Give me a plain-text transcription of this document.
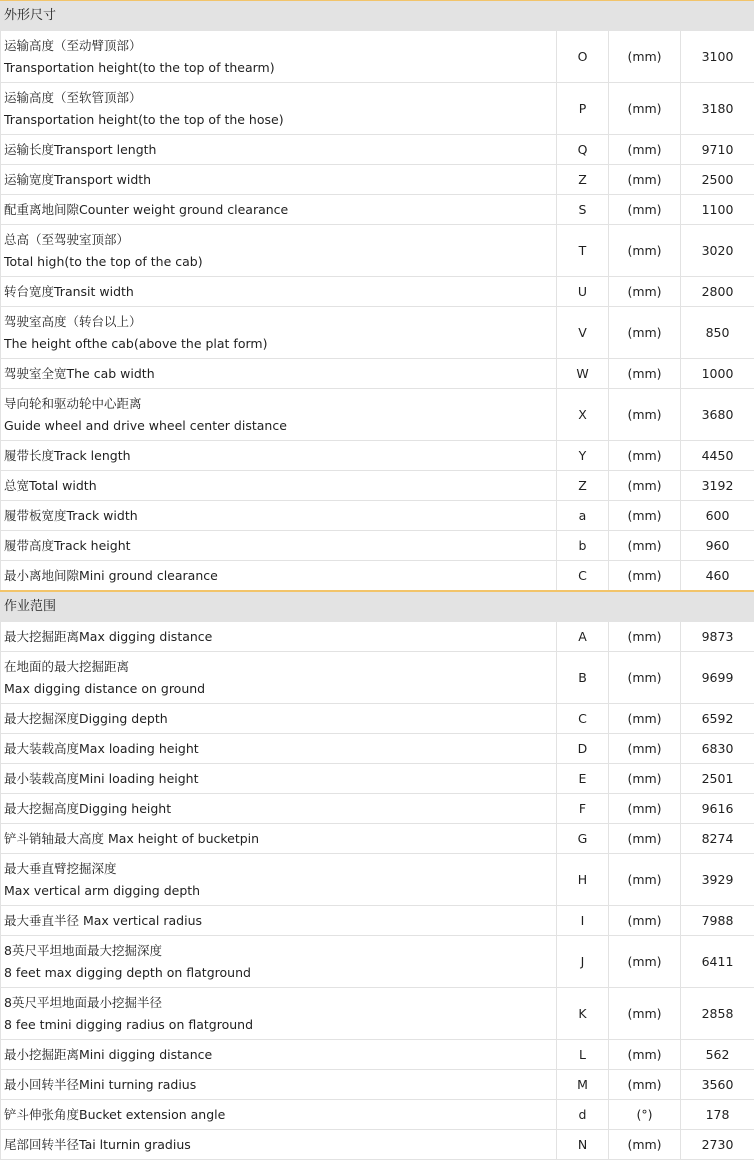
外形尺寸			

运输高度（至动臂顶部）
Transportation height(to the top of thearm)	O	(mm)	3100

运输高度（至软管顶部）
Transportation height(to the top of the hose)	P	(mm)	3180

运输长度Transport length	Q	(mm)	9710

运输宽度Transport width	Z	(mm)	2500

配重离地间隙Counter weight ground clearance	S	(mm)	1100

总高（至驾驶室顶部）
Total high(to the top of the cab)	T	(mm)	3020

转台宽度Transit width	U	(mm)	2800

驾驶室高度（转台以上）
The height ofthe cab(above the plat form)	V	(mm)	850

驾驶室全宽The cab width	W	(mm)	1000

导向轮和驱动轮中心距离
Guide wheel and drive wheel center distance	X	(mm)	3680

履带长度Track length	Y	(mm)	4450

总宽Total width	Z	(mm)	3192

履带板宽度Track width	a	(mm)	600

履带高度Track height	b	(mm)	960

最小离地间隙Mini ground clearance	C	(mm)	460
作业范围			

最大挖掘距离Max digging distance	A	(mm)	9873

在地面的最大挖掘距离
Max digging distance on ground	B	(mm)	9699

最大挖掘深度Digging depth	C	(mm)	6592

最大装载高度Max loading height	D	(mm)	6830

最小装载高度Mini loading height	E	(mm)	2501

最大挖掘高度Digging height	F	(mm)	9616

铲斗销轴最大高度 Max height of bucketpin	G	(mm)	8274

最大垂直臂挖掘深度
Max vertical arm digging depth	H	(mm)	3929

最大垂直半径 Max vertical radius	I	(mm)	7988

8英尺平坦地面最大挖掘深度
8 feet max digging depth on flatground	J	(mm)	6411

8英尺平坦地面最小挖掘半径
8 fee tmini digging radius on flatground	K	(mm)	2858

最小挖掘距离Mini digging distance	L	(mm)	562

最小回转半径Mini turning radius	M	(mm)	3560

铲斗伸张角度Bucket extension angle	d	(°)	178

尾部回转半径Tai lturnin gradius	N	(mm)	2730
